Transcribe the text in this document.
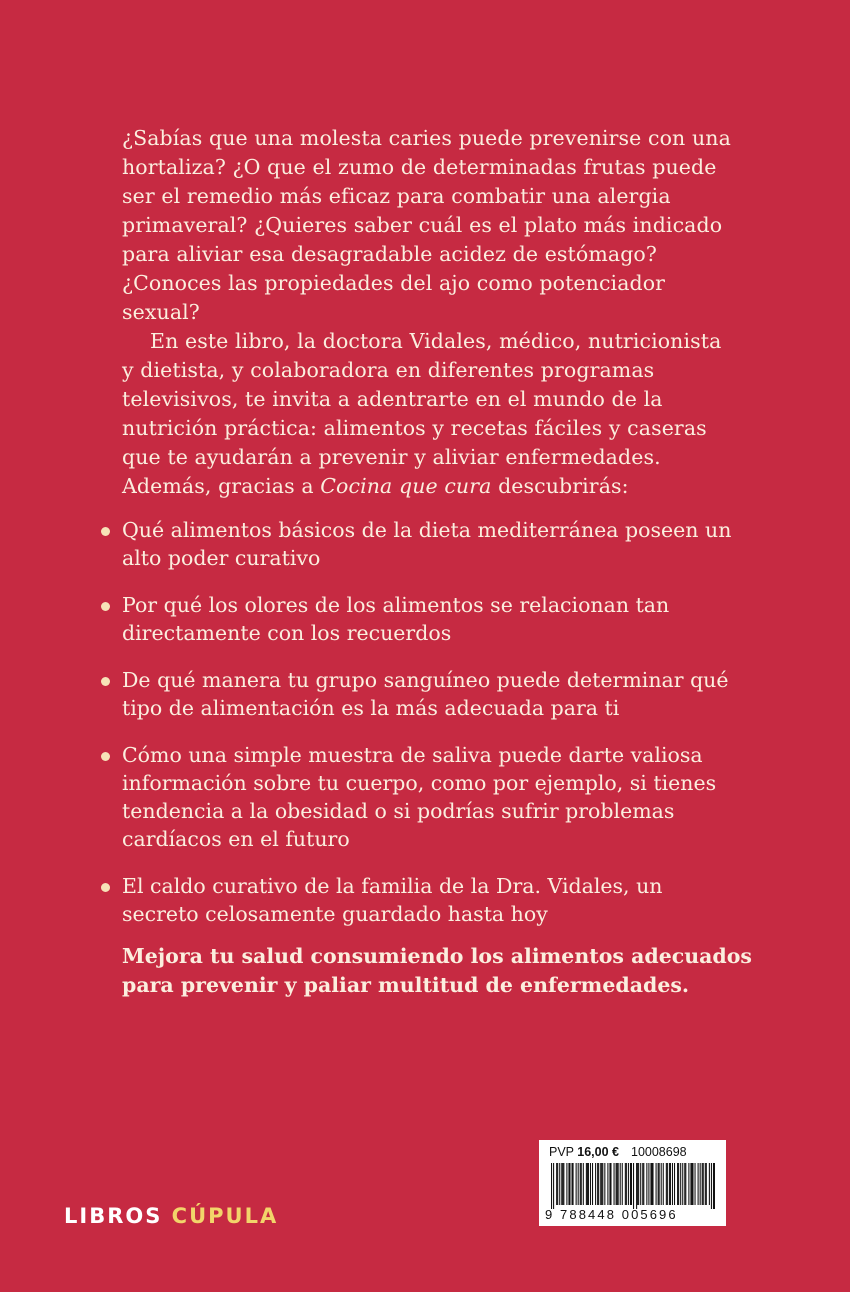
¿Sabías que una molesta caries puede prevenirse con una hortaliza? ¿O que el zumo de determinadas frutas puede ser el remedio más eficaz para combatir una alergia primaveral? ¿Quieres saber cuál es el plato más indicado para aliviar esa desagradable acidez de estómago? ¿Conoces las propiedades del ajo como potenciador sexual?

En este libro, la doctora Vidales, médico, nutricionista y dietista, y colaboradora en diferentes programas televisivos, te invita a adentrarte en el mundo de la nutrición práctica: alimentos y recetas fáciles y caseras que te ayudarán a prevenir y aliviar enfermedades. Además, gracias a Cocina que cura descubrirás:

Qué alimentos básicos de la dieta mediterránea poseen un alto poder curativo
Por qué los olores de los alimentos se relacionan tan directamente con los recuerdos
De qué manera tu grupo sanguíneo puede determinar qué tipo de alimentación es la más adecuada para ti
Cómo una simple muestra de saliva puede darte valiosa información sobre tu cuerpo, como por ejemplo, si tienes tendencia a la obesidad o si podrías sufrir problemas cardíacos en el futuro
El caldo curativo de la familia de la Dra. Vidales, un secreto celosamente guardado hasta hoy
Mejora tu salud consumiendo los alimentos adecuados para prevenir y paliar multitud de enfermedades.
LIBROS CÚPULA
PVP 16,00 € 10008698
9 788448 005696
